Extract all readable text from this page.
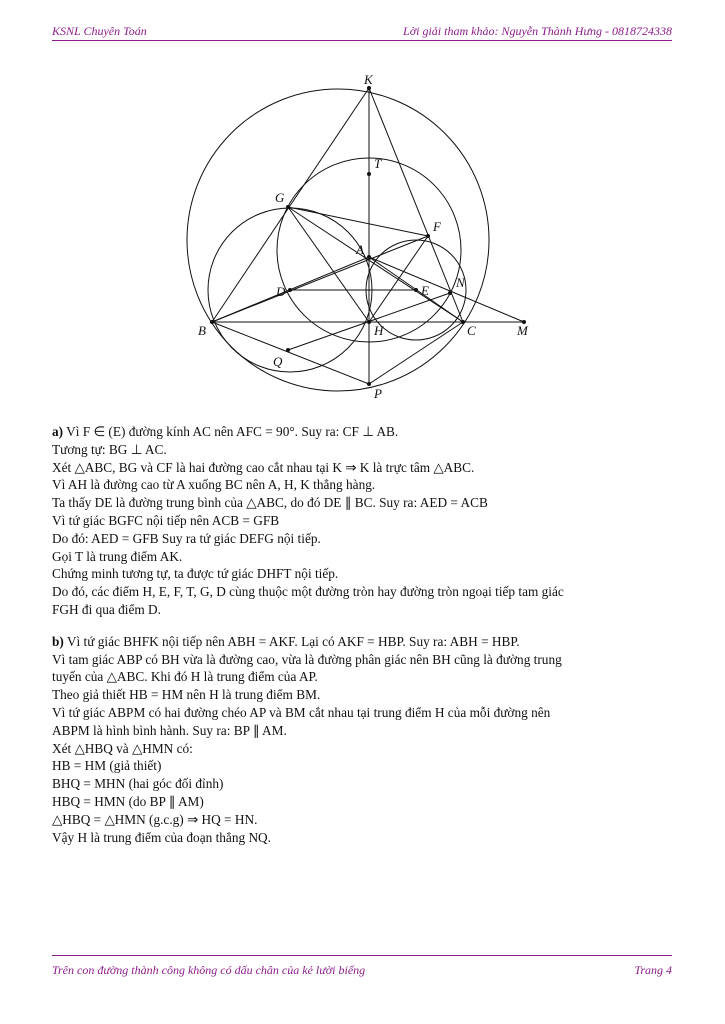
KSNL Chuyên Toán	Lời giải tham khảo: Nguyễn Thành Hưng - 0818724338
K
T
G
F
A
D	E
N
B	H	C	M
Q
P

a) Vì F ∈ (E) đường kính AC nên AFC = 90°. Suy ra: CF ⊥ AB.

Tương tự: BG ⊥ AC.

Xét △ABC, BG và CF là hai đường cao cắt nhau tại K ⇒ K là trực tâm △ABC.

Vì AH là đường cao từ A xuống BC nên A, H, K thẳng hàng.

Ta thấy DE là đường trung bình của △ABC, do đó DE ∥ BC. Suy ra: AED = ACB

Vì tứ giác BGFC nội tiếp nên ACB = GFB

Do đó: AED = GFB Suy ra tứ giác DEFG nội tiếp.

Gọi T là trung điểm AK.

Chứng minh tương tự, ta được tứ giác DHFT nội tiếp.

Do đó, các điểm H, E, F, T, G, D cùng thuộc một đường tròn hay đường tròn ngoại tiếp tam giác

FGH đi qua điểm D.

b) Vì tứ giác BHFK nội tiếp nên ABH = AKF. Lại có AKF = HBP. Suy ra: ABH = HBP.

Vì tam giác ABP có BH vừa là đường cao, vừa là đường phân giác nên BH cũng là đường trung

tuyến của △ABC. Khi đó H là trung điểm của AP.

Theo giả thiết HB = HM nên H là trung điểm BM.

Vì tứ giác ABPM có hai đường chéo AP và BM cắt nhau tại trung điểm H của mỗi đường nên

ABPM là hình bình hành. Suy ra: BP ∥ AM.

Xét △HBQ và △HMN có:

HB = HM (giả thiết)

BHQ = MHN (hai góc đối đỉnh)

HBQ = HMN (do BP ∥ AM)

△HBQ = △HMN (g.c.g) ⇒ HQ = HN.

Vậy H là trung điểm của đoạn thẳng NQ.

Trên con đường thành công không có dấu chân của kẻ lười biếng	Trang 4
